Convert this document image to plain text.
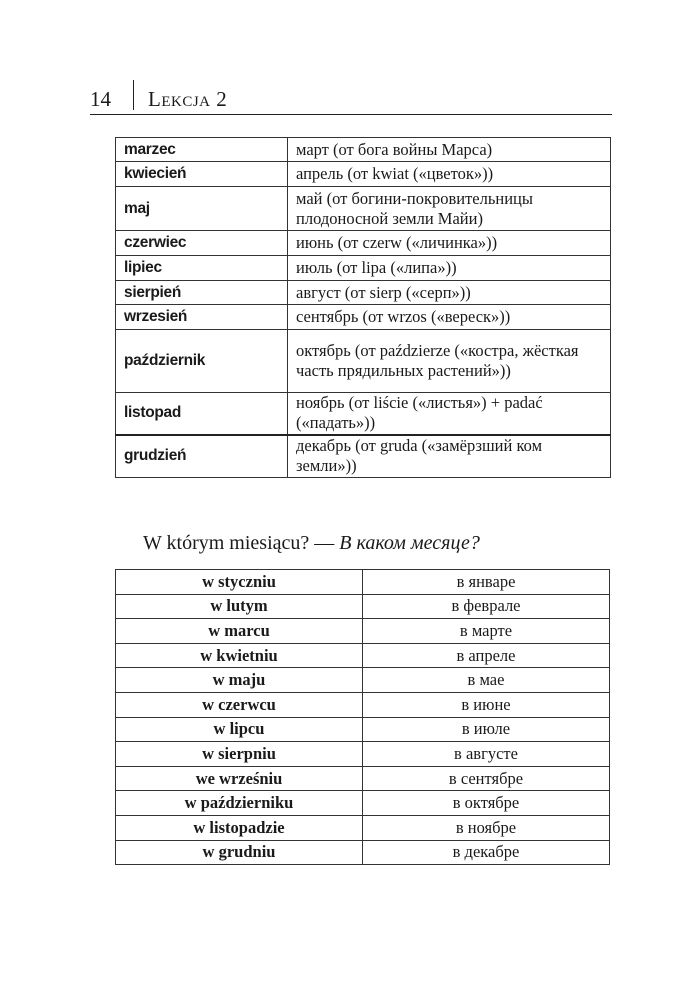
14 Lekcja 2
marzec	март (от бога войны Марса)
kwiecień	апрель (от kwiat («цветок»))
maj	май (от богини-покровительницы плодоносной земли Майи)
czerwiec	июнь (от czerw («личинка»))
lipiec	июль (от lipa («липа»))
sierpień	август (от sierp («серп»))
wrzesień	сентябрь (от wrzos («вереск»))
październik	октябрь (от paździerze («костра, жёсткая часть прядильных растений»))
listopad	ноябрь (от liście («листья») + padać («падать»))
grudzień	декабрь (от gruda («замёрзший ком земли»))
W którym miesiącu? — В каком месяце?
w styczniu	в январе
w lutym	в феврале
w marcu	в марте
w kwietniu	в апреле
w maju	в мае
w czerwcu	в июне
w lipcu	в июле
w sierpniu	в августе
we wrześniu	в сентябре
w październiku	в октябре
w listopadzie	в ноябре
w grudniu	в декабре
